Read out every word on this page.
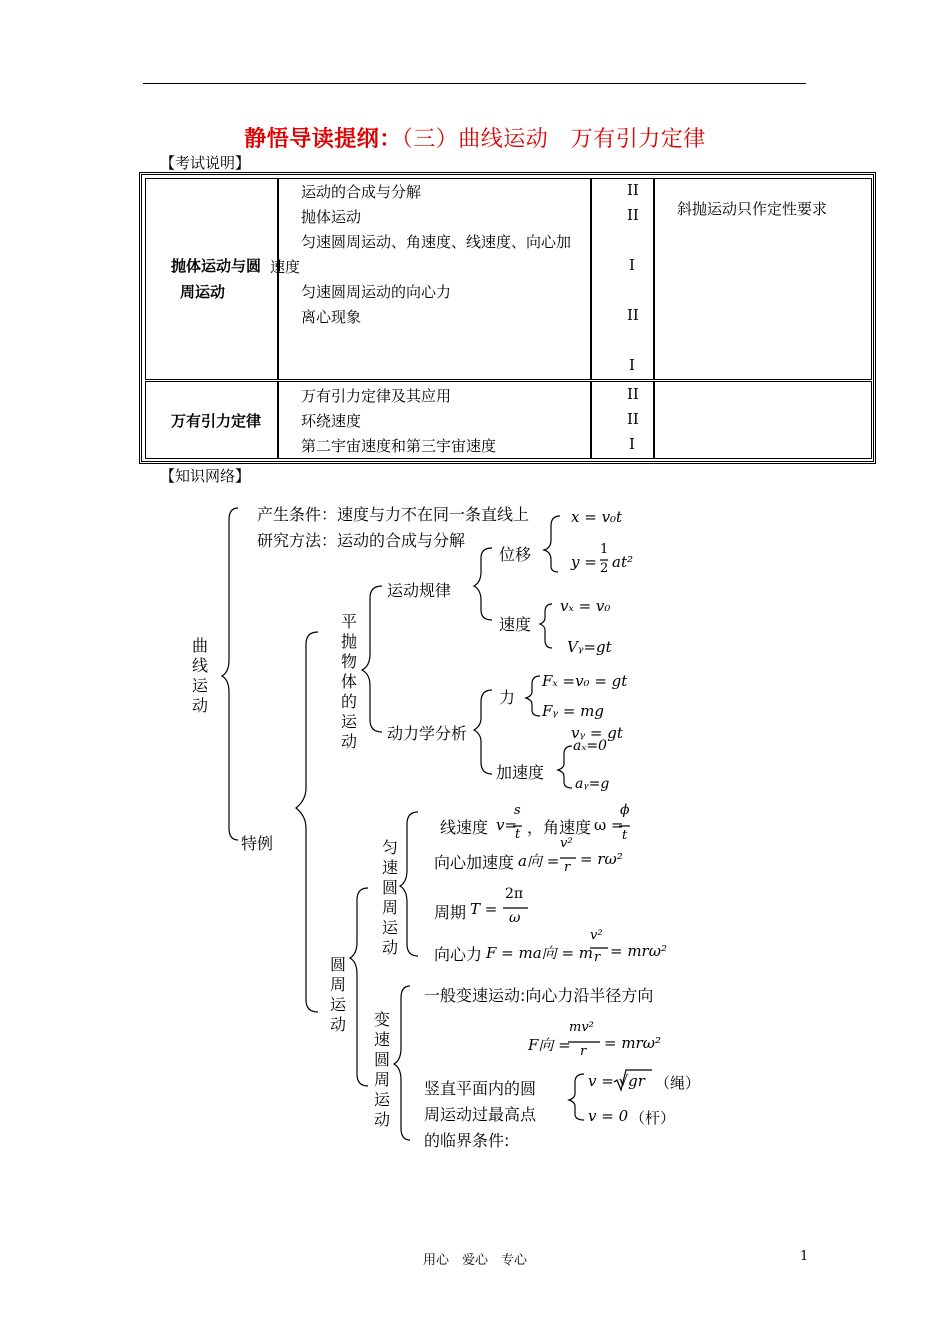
静悟导读提纲：（三）曲线运动　万有引力定律
【考试说明】
抛体运动与圆
周运动
运动的合成与分解
抛体运动
匀速圆周运动、角速度、线速度、向心加
速度
匀速圆周运动的向心力
离心现象
II
II
I
II
I
斜抛运动只作定性要求
万有引力定律
万有引力定律及其应用
环绕速度
第二宇宙速度和第三宇宙速度
II
II
I
【知识网络】
曲线运动
产生条件：速度与力不在同一条直线上
研究方法：运动的合成与分解
特例
平抛物体的运动
运动规律
位移
x = v₀t
y =
1
2 at²
速度
vₓ = v₀
Vᵧ=gt
动力学分析
力
Fₓ =v₀ = gt
Fᵧ = mg
vᵧ = gt
加速度
aₓ=0
aᵧ=g
圆周运动
匀速圆周运动
线速度 v=
s
t ，角速度 ω =
ϕ
t
向心加速度 a向 =
v²
r = rω²
周期 T =
2π
ω
向心力 F = ma向 = m
v²
r = mrω²
变速圆周运动
一般变速运动:向心力沿半径方向
F向 =
mv²
r = mrω²
竖直平面内的圆
周运动过最高点
的临界条件:
v = √gr （绳）
v = 0 （杆）
用心　爱心　专心	1
